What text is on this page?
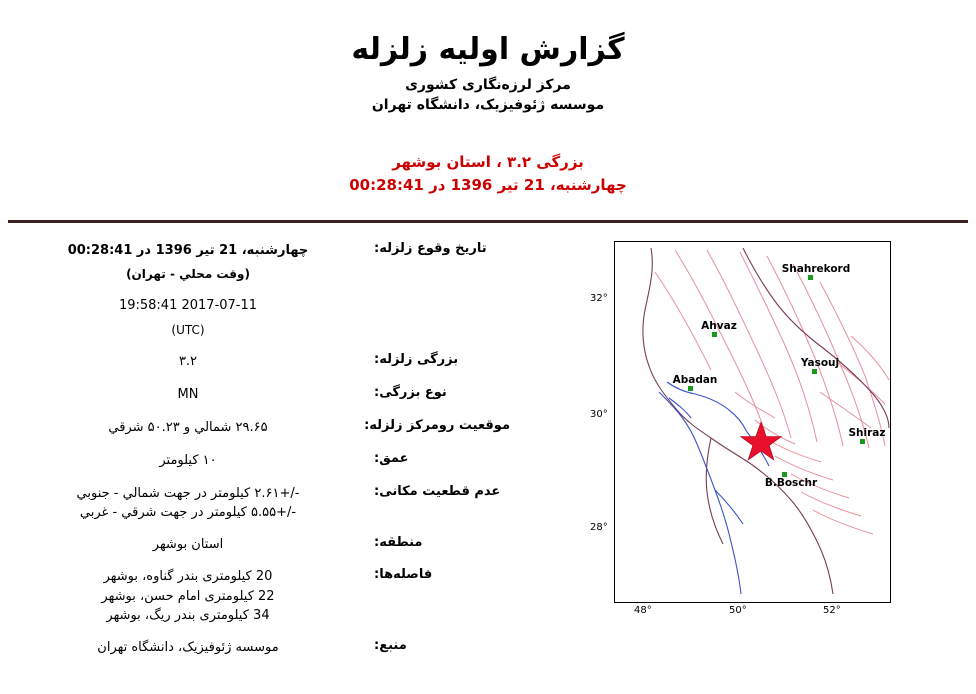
گزارش اولیه زلزله
مرکز لرزه‌نگاری کشوری
موسسه ژئوفیزیک، دانشگاه تهران
بزرگی ۳.۲ ، استان بوشهر
چهارشنبه، 21 تیر 1396 در 00:28:41
تاریخ وقوع زلزله:
چهارشنبه، 21 تیر 1396 در 00:28:41
(وقت محلي - تهران)
2017-07-11 19:58:41
(UTC)
بزرگی زلزله:
۳.۲
نوع بزرگی:
MN
موقعیت رومرکز زلزله:
۲۹.۶۵ شمالي و ۵۰.۲۳ شرقي
عمق:
۱۰ کیلومتر
عدم قطعیت مکانی:
-/+۲.۶۱ کیلومتر در جهت شمالي - جنوبي
-/+۵.۵۵ کیلومتر در جهت شرقي - غربي
منطقه:
استان بوشهر
فاصله‌ها:
20 کیلومتری بندر گناوه، بوشهر
22 کیلومتری امام حسن، بوشهر
34 کیلومتری بندر ریگ، بوشهر
منبع:
موسسه ژئوفیزیک، دانشگاه تهران
32°
30°
28°
48°	50°	52°
Shahrekord
Ahvaz
Yasouj
Abadan
Shiraz
B.Boschr
